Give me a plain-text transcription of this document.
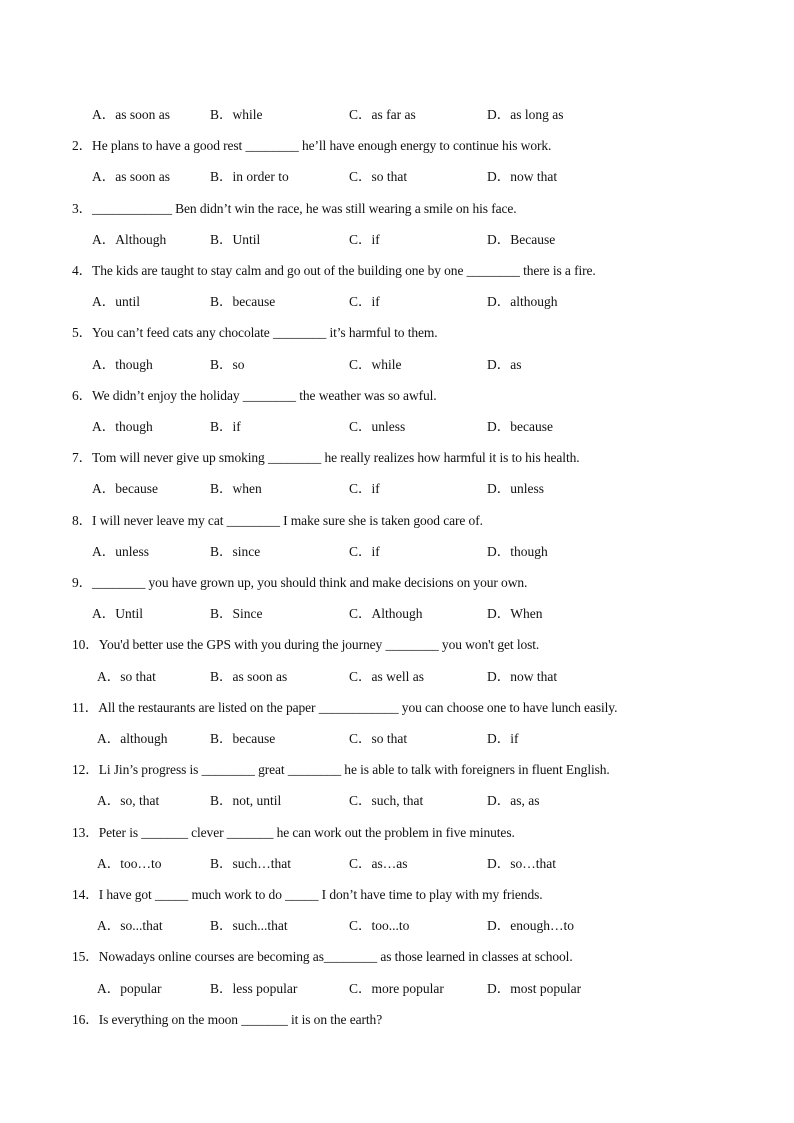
A．as soon as	B．while	C．as far as	D．as long as
2．He plans to have a good rest ________ he’ll have enough energy to continue his work.
A．as soon as	B．in order to	C．so that	D．now that
3．____________ Ben didn’t win the race, he was still wearing a smile on his face.
A．Although	B．Until	C．if	D．Because
4．The kids are taught to stay calm and go out of the building one by one ________ there is a fire.
A．until	B．because	C．if	D．although
5．You can’t feed cats any chocolate ________ it’s harmful to them.
A．though	B．so	C．while	D．as
6．We didn’t enjoy the holiday ________ the weather was so awful.
A．though	B．if	C．unless	D．because
7．Tom will never give up smoking ________ he really realizes how harmful it is to his health.
A．because	B．when	C．if	D．unless
8．I will never leave my cat ________ I make sure she is taken good care of.
A．unless	B．since	C．if	D．though
9．________ you have grown up, you should think and make decisions on your own.
A．Until	B．Since	C．Although	D．When
10．You'd better use the GPS with you during the journey ________ you won't get lost.
A．so that	B．as soon as	C．as well as	D．now that
11．All the restaurants are listed on the paper ____________ you can choose one to have lunch easily.
A．although	B．because	C．so that	D．if
12．Li Jin’s progress is ________ great ________ he is able to talk with foreigners in fluent English.
A．so, that	B．not, until	C．such, that	D．as, as
13．Peter is _______ clever _______ he can work out the problem in five minutes.
A．too…to	B．such…that	C．as…as	D．so…that
14．I have got _____ much work to do _____ I don’t have time to play with my friends.
A．so...that	B．such...that	C．too...to	D．enough…to
15．Nowadays online courses are becoming as________ as those learned in classes at school.
A．popular	B．less popular	C．more popular	D．most popular
16．Is everything on the moon _______ it is on the earth?
